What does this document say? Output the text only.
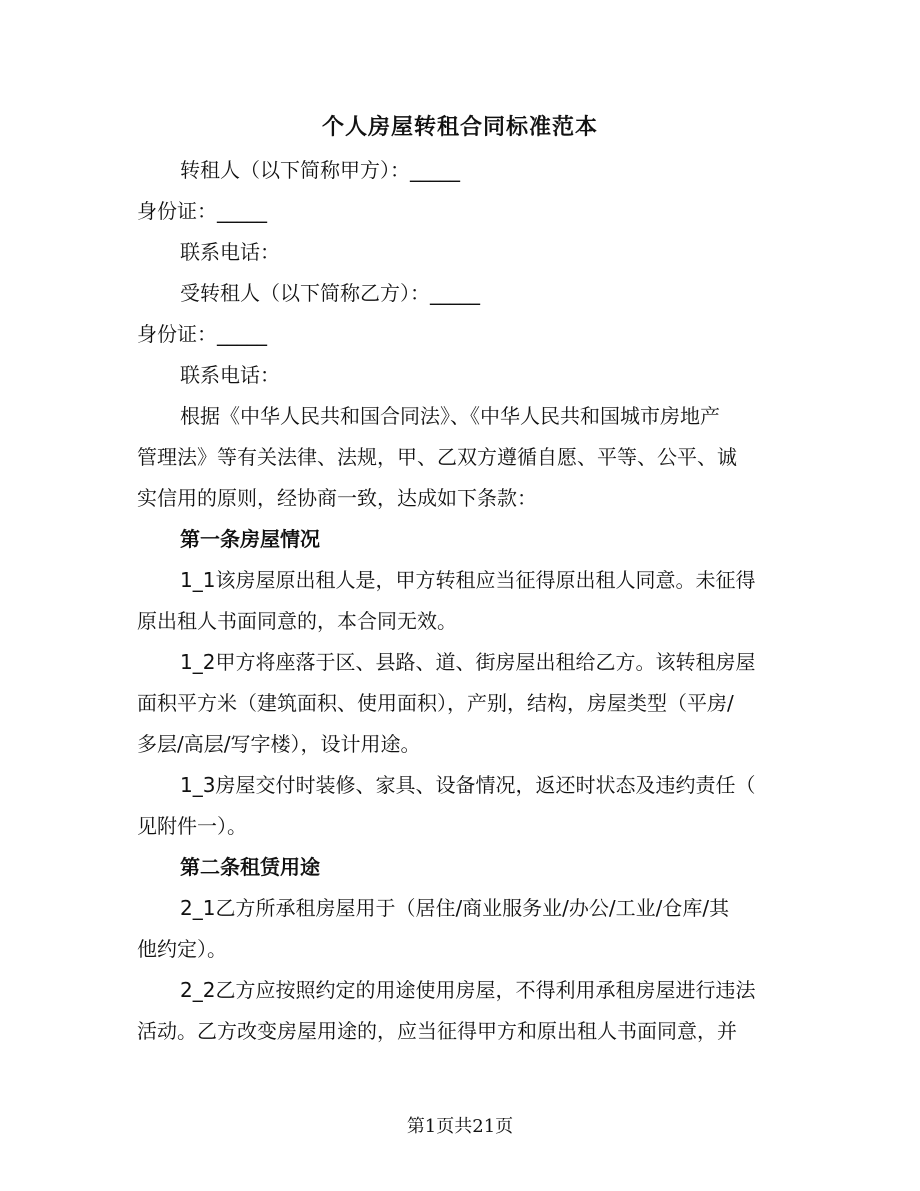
个人房屋转租合同标准范本
转租人（以下简称甲方）：_____
身份证：_____
联系电话：
受转租人（以下简称乙方）：_____
身份证：_____
联系电话：
根据《中华人民共和国合同法》、《中华人民共和国城市房地产
管理法》等有关法律、法规，甲、乙双方遵循自愿、平等、公平、诚
实信用的原则，经协商一致，达成如下条款：
第一条房屋情况
1_1该房屋原出租人是，甲方转租应当征得原出租人同意。未征得
原出租人书面同意的，本合同无效。
1_2甲方将座落于区、县路、道、街房屋出租给乙方。该转租房屋
面积平方米（建筑面积、使用面积），产别，结构，房屋类型（平房/
多层/高层/写字楼），设计用途。
1_3房屋交付时装修、家具、设备情况，返还时状态及违约责任（
见附件一）。
第二条租赁用途
2_1乙方所承租房屋用于（居住/商业服务业/办公/工业/仓库/其
他约定）。
2_2乙方应按照约定的用途使用房屋，不得利用承租房屋进行违法
活动。乙方改变房屋用途的，应当征得甲方和原出租人书面同意，并
第1页共21页
